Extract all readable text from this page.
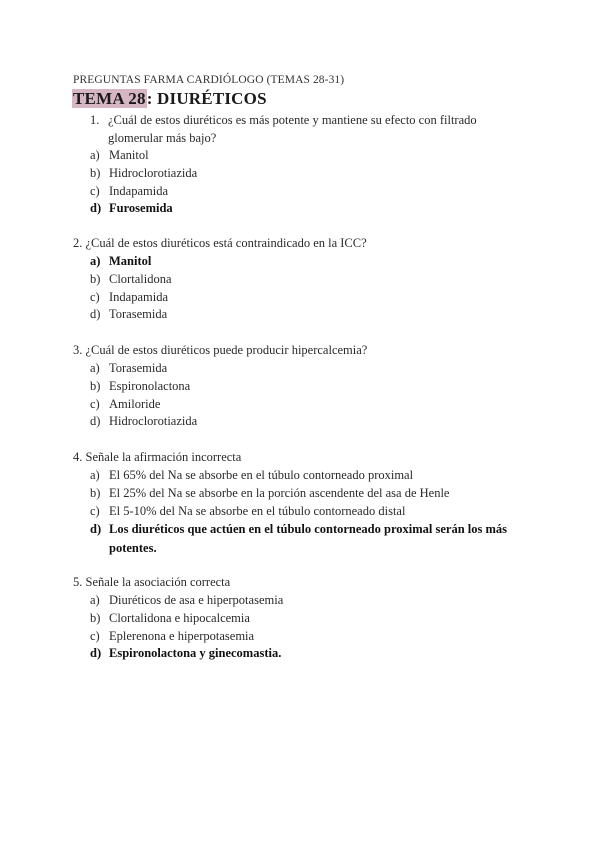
PREGUNTAS FARMA CARDIÓLOGO (TEMAS 28-31)
TEMA 28: DIURÉTICOS
1. ¿Cuál de estos diuréticos es más potente y mantiene su efecto con filtrado glomerular más bajo?
a) Manitol
b) Hidroclorotiazida
c) Indapamida
d) Furosemida
2. ¿Cuál de estos diuréticos está contraindicado en la ICC?
a) Manitol
b) Clortalidona
c) Indapamida
d) Torasemida
3. ¿Cuál de estos diuréticos puede producir hipercalcemia?
a) Torasemida
b) Espironolactona
c) Amiloride
d) Hidroclorotiazida
4. Señale la afirmación incorrecta
a) El 65% del Na se absorbe en el túbulo contorneado proximal
b) El 25% del Na se absorbe en la porción ascendente del asa de Henle
c) El 5-10% del Na se absorbe en el túbulo contorneado distal
d) Los diuréticos que actúen en el túbulo contorneado proximal serán los más potentes.
5. Señale la asociación correcta
a) Diuréticos de asa e hiperpotasemia
b) Clortalidona e hipocalcemia
c) Eplerenona e hiperpotasemia
d) Espironolactona y ginecomastia.
